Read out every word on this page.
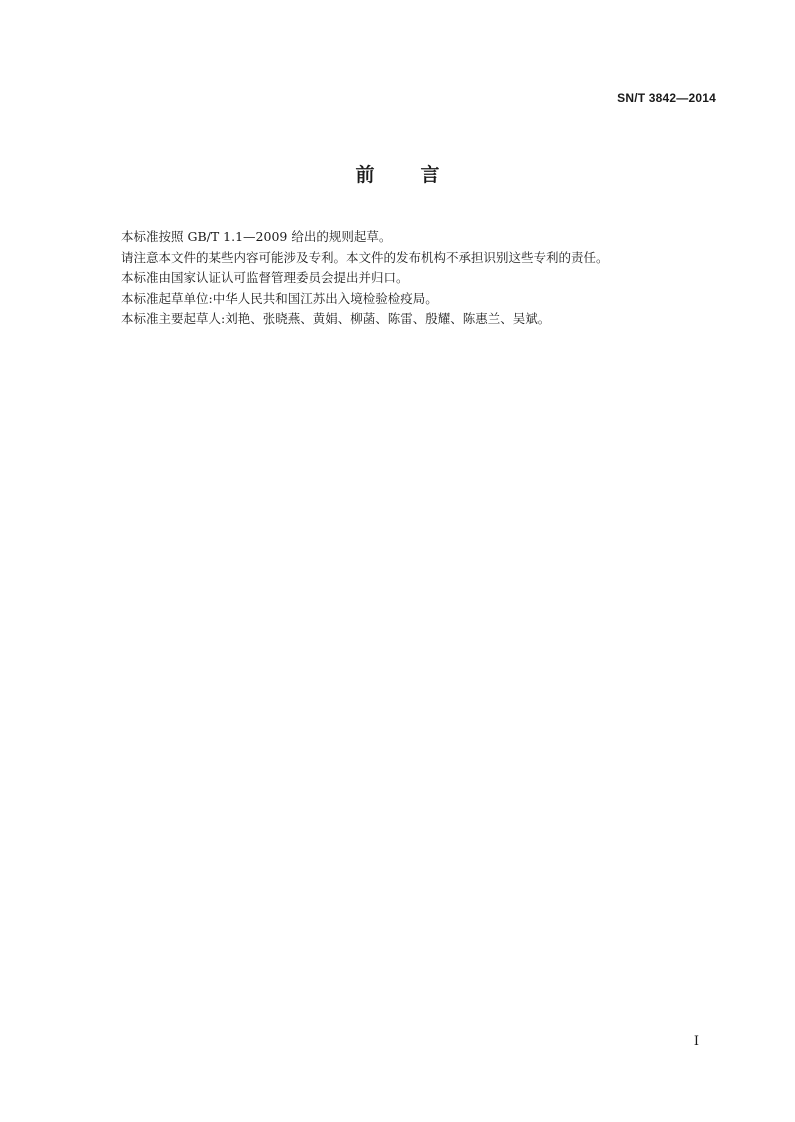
SN/T 3842—2014
前 言
本标准按照 GB/T 1.1—2009 给出的规则起草。
请注意本文件的某些内容可能涉及专利。本文件的发布机构不承担识别这些专利的责任。
本标准由国家认证认可监督管理委员会提出并归口。
本标准起草单位:中华人民共和国江苏出入境检验检疫局。
本标准主要起草人:刘艳、张晓燕、黄娟、柳菡、陈雷、殷耀、陈惠兰、吴斌。
I
